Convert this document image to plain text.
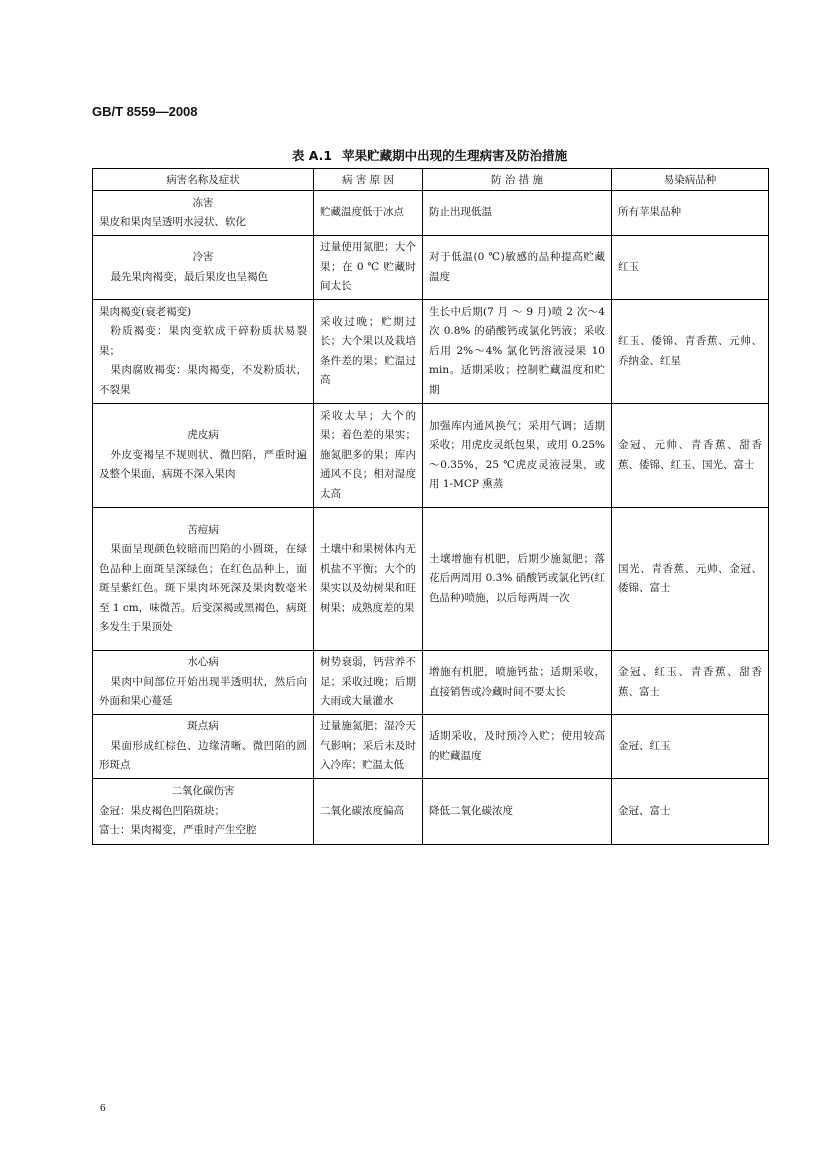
GB/T 8559—2008
表 A.1 苹果贮藏期中出现的生理病害及防治措施
病害名称及症状	病 害 原 因	防 治 措 施	易染病品种

冻害
果皮和果肉呈透明水浸状、软化	贮藏温度低于冰点	防止出现低温	所有苹果品种

冷害
最先果肉褐变，最后果皮也呈褐色	过量使用氮肥；大个果；在 0 ℃ 贮藏时间太长	对于低温(0 ℃)敏感的品种提高贮藏温度	红玉

果肉褐变(衰老褐变)
粉质褐变：果肉变软成干碎粉质状易裂果；
果肉腐败褐变：果肉褐变，不发粉质状，不裂果	采收过晚；贮期过长；大个果以及栽培条件差的果；贮温过高	生长中后期(7 月 ～ 9 月)喷 2 次～4 次 0.8% 的硝酸钙或氯化钙液；采收后用 2%～4% 氯化钙溶液浸果 10 min。适期采收；控制贮藏温度和贮期	红玉、倭锦、青香蕉、元帅、乔纳金、红星

虎皮病
外皮变褐呈不规则状、微凹陷，严重时遍及整个果面，病斑不深入果肉	采收太早；大个的果；着色差的果实；施氮肥多的果；库内通风不良；相对湿度太高	加强库内通风换气；采用气调；适期采收；用虎皮灵纸包果，或用 0.25%～0.35%，25 ℃虎皮灵液浸果，或用 1-MCP 熏蒸	金冠、元帅、青香蕉、甜香蕉、倭锦、红玉、国光、富士

苦痘病
果面呈现颜色较暗而凹陷的小圆斑，在绿色品种上面斑呈深绿色；在红色品种上，面斑呈紫红色。斑下果肉坏死深及果肉数毫米至 1 cm，味微苦。后变深褐或黑褐色，病斑多发生于果顶处	土壤中和果树体内无机盐不平衡；大个的果实以及幼树果和旺树果；成熟度差的果	土壤增施有机肥，后期少施氮肥；落花后两周用 0.3% 硝酸钙或氯化钙(红色品种)喷施，以后每两周一次	国光、青香蕉、元帅、金冠、倭锦、富士

水心病
果肉中间部位开始出现半透明状，然后向外面和果心蔓延	树势衰弱，钙营养不足；采收过晚；后期大雨或大量灌水	增施有机肥，喷施钙盐；适期采收，直接销售或冷藏时间不要太长	金冠、红玉、青香蕉、甜香蕉、富士

斑点病
果面形成红棕色、边缘清晰、微凹陷的圆形斑点	过量施氮肥；湿冷天气影响；采后未及时入冷库；贮温太低	适期采收，及时预冷入贮；使用较高的贮藏温度	金冠、红玉

二氧化碳伤害
金冠：果皮褐色凹陷斑块；
富士：果肉褐变，严重时产生空腔	二氧化碳浓度偏高	降低二氧化碳浓度	金冠、富士
6
